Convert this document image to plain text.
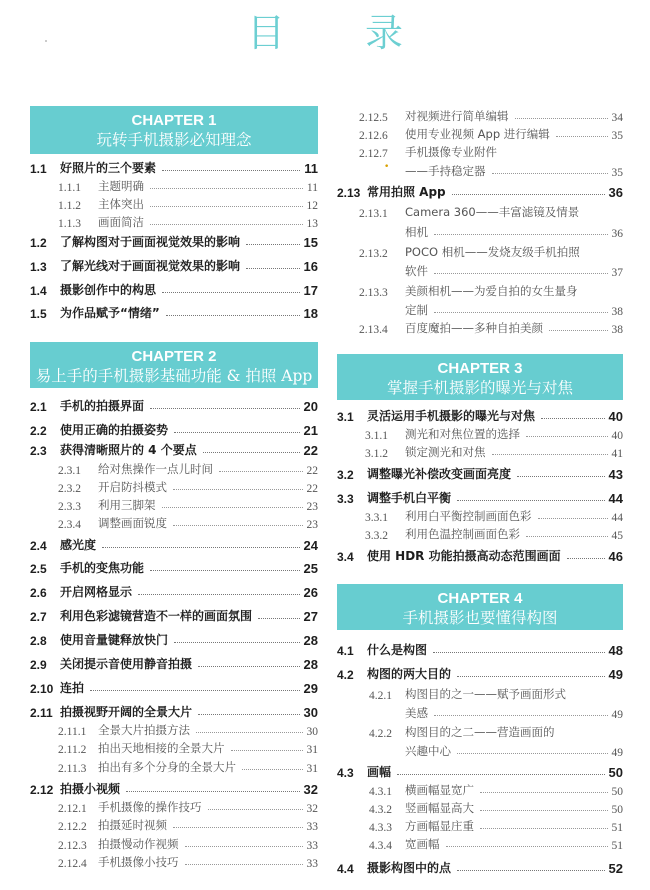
目 录
CHAPTER 1
玩转手机摄影必知理念
1.1	好照片的三个要素	11
1.1.1	主题明确	11
1.1.2	主体突出	12
1.1.3	画面简洁	13
1.2	了解构图对于画面视觉效果的影响	15
1.3	了解光线对于画面视觉效果的影响	16
1.4	摄影创作中的构思	17
1.5	为作品赋予“情绪”	18
CHAPTER 2
易上手的手机摄影基础功能 & 拍照 App
2.1	手机的拍摄界面	20
2.2	使用正确的拍摄姿势	21
2.3	获得清晰照片的 4 个要点	22
2.3.1	给对焦操作一点儿时间	22
2.3.2	开启防抖模式	22
2.3.3	利用三脚架	23
2.3.4	调整画面锐度	23
2.4	感光度	24
2.5	手机的变焦功能	25
2.6	开启网格显示	26
2.7	利用色彩滤镜营造不一样的画面氛围	27
2.8	使用音量键释放快门	28
2.9	关闭提示音使用静音拍摄	28
2.10 连拍	29
2.11 拍摄视野开阔的全景大片	30
2.11.1	全景大片拍摄方法	30
2.11.2	拍出天地相接的全景大片	31
2.11.3	拍出有多个分身的全景大片	31
2.12 拍摄小视频	32
2.12.1 手机摄像的操作技巧	32
2.12.2 拍摄延时视频	33
2.12.3 拍摄慢动作视频	33
2.12.4 手机摄像小技巧	33
2.12.5	对视频进行简单编辑	34
2.12.6	使用专业视频 App 进行编辑	35
2.12.7	手机摄像专业附件
• ——手持稳定器	35
2.13 常用拍照 App	36
2.13.1	Camera 360——丰富滤镜及情景
相机	36
2.13.2	POCO 相机——发烧友级手机拍照
软件	37
2.13.3	美颜相机——为爱自拍的女生量身
定制	38
2.13.4	百度魔拍——多种自拍美颜	38
CHAPTER 3
掌握手机摄影的曝光与对焦
3.1	灵活运用手机摄影的曝光与对焦	40
3.1.1	测光和对焦位置的选择	40
3.1.2	锁定测光和对焦	41
3.2	调整曝光补偿改变画面亮度	43
3.3	调整手机白平衡	44
3.3.1	利用白平衡控制画面色彩	44
3.3.2	利用色温控制画面色彩	45
3.4	使用 HDR 功能拍摄高动态范围画面	46
CHAPTER 4
手机摄影也要懂得构图
4.1	什么是构图	48
4.2	构图的两大目的	49
4.2.1	构图目的之一——赋予画面形式
美感	49
4.2.2	构图目的之二——营造画面的
兴趣中心	49
4.3	画幅	50
4.3.1	横画幅显宽广	50
4.3.2	竖画幅显高大	50
4.3.3	方画幅显庄重	51
4.3.4	宽画幅	51
4.4	摄影构图中的点	52
